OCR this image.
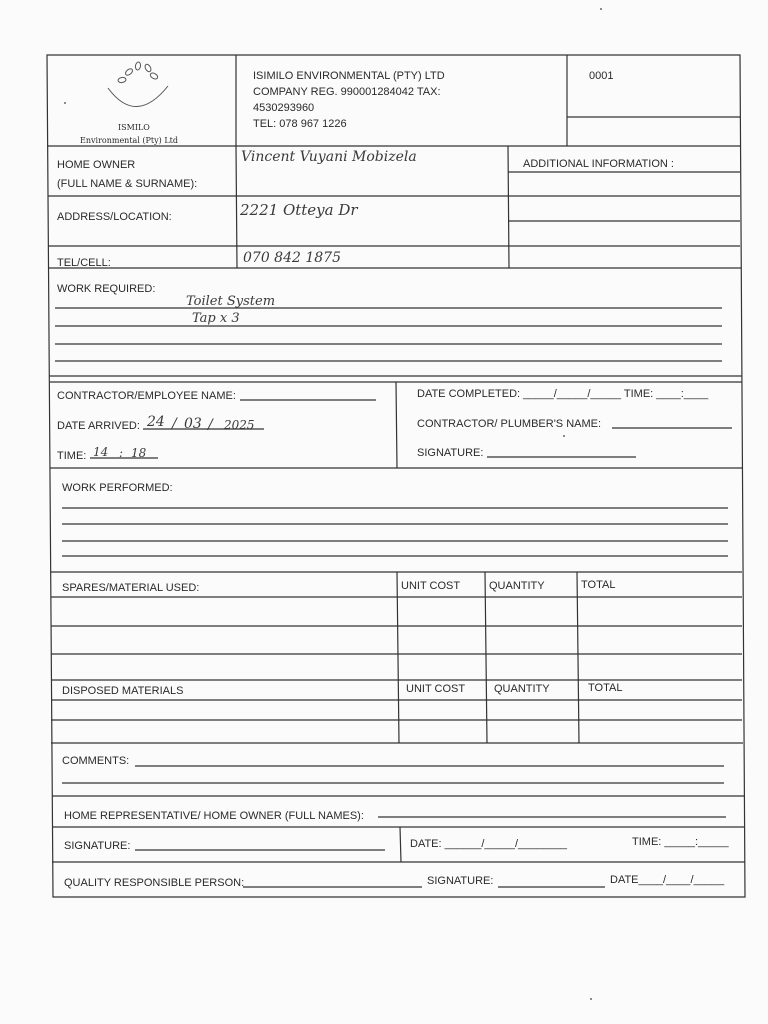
ISMILO
Environmental (Pty) Ltd
ISIMILO ENVIRONMENTAL (PTY) LTD
COMPANY REG. 990001284042 TAX:
4530293960
TEL: 078 967 1226
0001
HOME OWNER
(FULL NAME & SURNAME):
Vincent Vuyani Mobizela	ADDITIONAL INFORMATION :
ADDRESS/LOCATION:	2221 Otteya Dr
TEL/CELL:	070 842 1875
WORK REQUIRED:
Toilet System
Tap x 3
CONTRACTOR/EMPLOYEE NAME:
DATE ARRIVED: 24 / 03 / 2025
TIME: 14 : 18
DATE COMPLETED: _____/_____/_____ TIME: ____:____
CONTRACTOR/ PLUMBER'S NAME:
SIGNATURE:
WORK PERFORMED:
SPARES/MATERIAL USED:	UNIT COST	QUANTITY	TOTAL
DISPOSED MATERIALS	UNIT COST	QUANTITY	TOTAL
COMMENTS:
HOME REPRESENTATIVE/ HOME OWNER (FULL NAMES):
SIGNATURE:	DATE: ______/_____/________	TIME: _____:_____
QUALITY RESPONSIBLE PERSON:	SIGNATURE:	DATE____/____/_____
